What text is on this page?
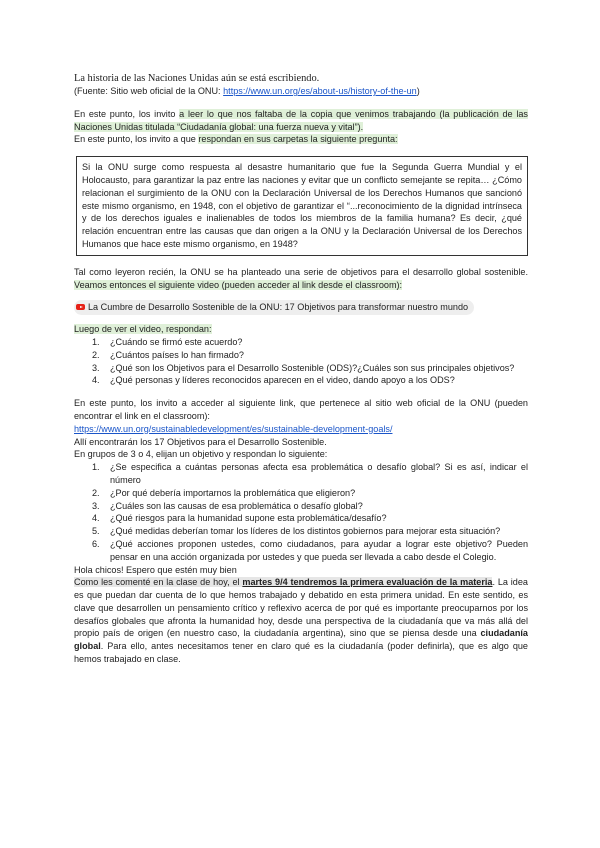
La historia de las Naciones Unidas aún se está escribiendo.

(Fuente: Sitio web oficial de la ONU: https://www.un.org/es/about-us/history-of-the-un)

En este punto, los invito a leer lo que nos faltaba de la copia que venimos trabajando (la publicación de las Naciones Unidas titulada “Ciudadanía global: una fuerza nueva y vital”).

En este punto, los invito a que respondan en sus carpetas la siguiente pregunta:

Si la ONU surge como respuesta al desastre humanitario que fue la Segunda Guerra Mundial y el Holocausto, para garantizar la paz entre las naciones y evitar que un conflicto semejante se repita… ¿Cómo relacionan el surgimiento de la ONU con la Declaración Universal de los Derechos Humanos que sancionó este mismo organismo, en 1948, con el objetivo de garantizar el “...reconocimiento de la dignidad intrínseca y de los derechos iguales e inalienables de todos los miembros de la familia humana? Es decir, ¿qué relación encuentran entre las causas que dan origen a la ONU y la Declaración Universal de los Derechos Humanos que hace este mismo organismo, en 1948?

Tal como leyeron recién, la ONU se ha planteado una serie de objetivos para el desarrollo global sostenible. Veamos entonces el siguiente video (pueden acceder al link desde el classroom):

La Cumbre de Desarrollo Sostenible de la ONU: 17 Objetivos para transformar nuestro mundo

Luego de ver el video, respondan:

1. ¿Cuándo se firmó este acuerdo?
2. ¿Cuántos países lo han firmado?
3. ¿Qué son los Objetivos para el Desarrollo Sostenible (ODS)?¿Cuáles son sus principales objetivos?
4. ¿Qué personas y líderes reconocidos aparecen en el video, dando apoyo a los ODS?

En este punto, los invito a acceder al siguiente link, que pertenece al sitio web oficial de la ONU (pueden encontrar el link en el classroom):

https://www.un.org/sustainabledevelopment/es/sustainable-development-goals/

Allí encontrarán los 17 Objetivos para el Desarrollo Sostenible.

En grupos de 3 o 4, elijan un objetivo y respondan lo siguiente:

1. ¿Se especifica a cuántas personas afecta esa problemática o desafío global? Si es así, indicar el número
2. ¿Por qué debería importarnos la problemática que eligieron?
3. ¿Cuáles son las causas de esa problemática o desafío global?
4. ¿Qué riesgos para la humanidad supone esta problemática/desafío?
5. ¿Qué medidas deberían tomar los líderes de los distintos gobiernos para mejorar esta situación?
6. ¿Qué acciones proponen ustedes, como ciudadanos, para ayudar a lograr este objetivo? Pueden pensar en una acción organizada por ustedes y que pueda ser llevada a cabo desde el Colegio.

Hola chicos! Espero que estén muy bien

Como les comenté en la clase de hoy, el martes 9/4 tendremos la primera evaluación de la materia. La idea es que puedan dar cuenta de lo que hemos trabajado y debatido en esta primera unidad. En este sentido, es clave que desarrollen un pensamiento crítico y reflexivo acerca de por qué es importante preocuparnos por los desafíos globales que afronta la humanidad hoy, desde una perspectiva de la ciudadanía que va más allá del propio país de origen (en nuestro caso, la ciudadanía argentina), sino que se piensa desde una ciudadanía global. Para ello, antes necesitamos tener en claro qué es la ciudadanía (poder definirla), que es algo que hemos trabajado en clase.
